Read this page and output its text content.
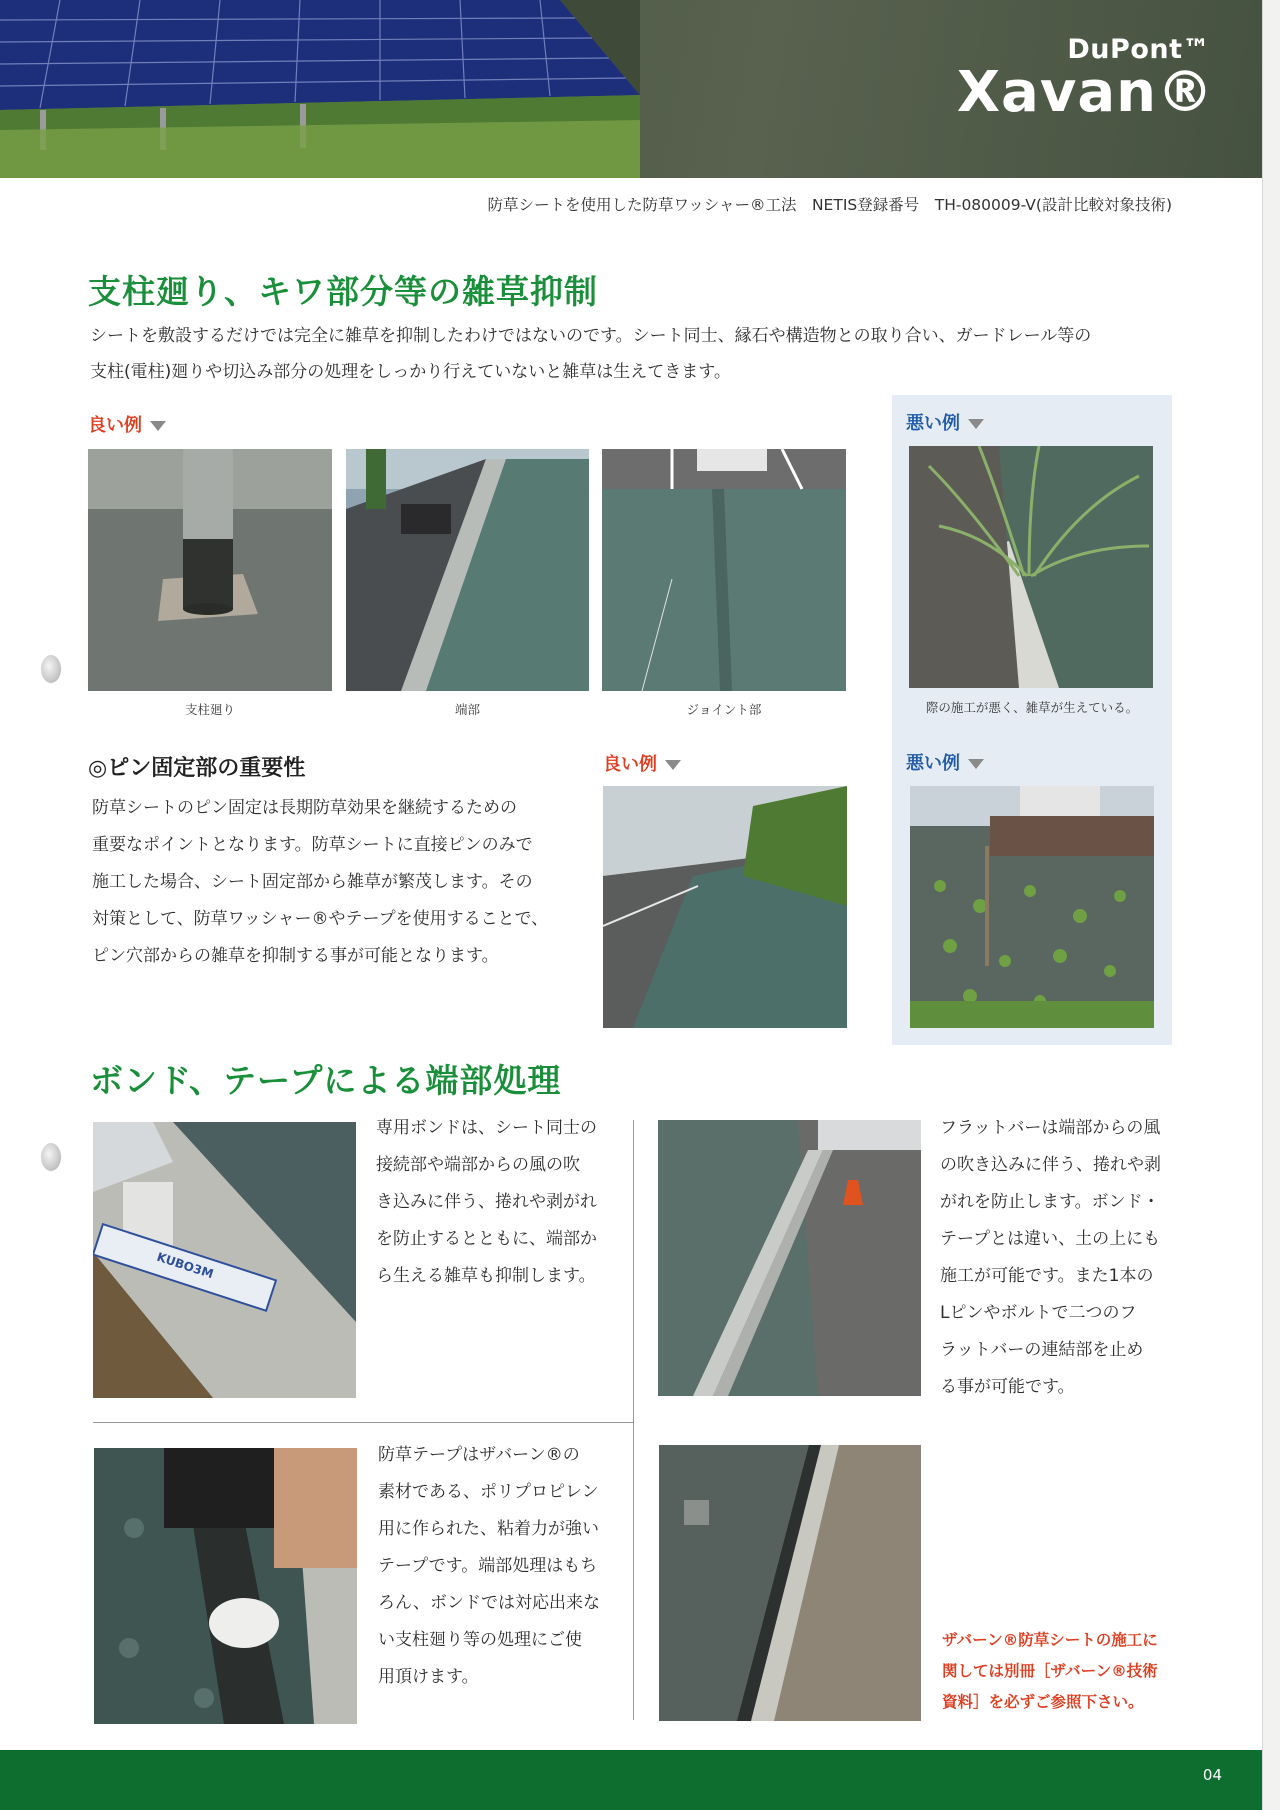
DuPont™
Xavan®
防草シートを使用した防草ワッシャー®工法　NETIS登録番号　TH-080009-V(設計比較対象技術)
支柱廻り、キワ部分等の雑草抑制
シートを敷設するだけでは完全に雑草を抑制したわけではないのです。シート同士、縁石や構造物との取り合い、ガードレール等の
支柱(電柱)廻りや切込み部分の処理をしっかり行えていないと雑草は生えてきます。
良い例
支柱廻り	端部	ジョイント部
悪い例
際の施工が悪く、雑草が生えている。
◎ピン固定部の重要性
防草シートのピン固定は長期防草効果を継続するための
重要なポイントとなります。防草シートに直接ピンのみで
施工した場合、シート固定部から雑草が繁茂します。その
対策として、防草ワッシャー®やテープを使用することで、
ピン穴部からの雑草を抑制する事が可能となります。
良い例	悪い例
ボンド、テープによる端部処理
KUBO3M
専用ボンドは、シート同士の
接続部や端部からの風の吹
き込みに伴う、捲れや剥がれ
を防止するとともに、端部か
ら生える雑草も抑制します。
フラットバーは端部からの風
の吹き込みに伴う、捲れや剥
がれを防止します。ボンド・
テープとは違い、土の上にも
施工が可能です。また1本の
Lピンやボルトで二つのフ
ラットバーの連結部を止め
る事が可能です。
防草テープはザバーン®の
素材である、ポリプロピレン
用に作られた、粘着力が強い
テープです。端部処理はもち
ろん、ボンドでは対応出来な
い支柱廻り等の処理にご使
用頂けます。
ザバーン®防草シートの施工に
関しては別冊［ザバーン®技術
資料］を必ずご参照下さい。
04
